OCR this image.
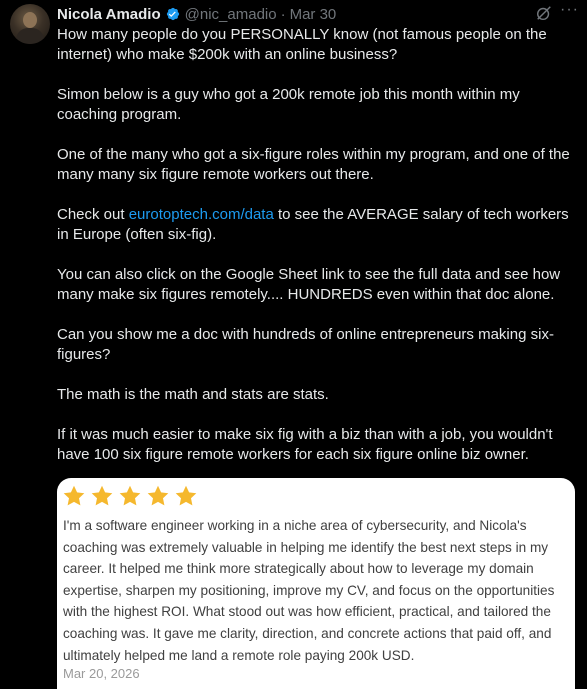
Nicola Amadio @nic_amadio · Mar 30	···

How many people do you PERSONALLY know (not famous people on the internet) who make $200k with an online business?

Simon below is a guy who got a 200k remote job this month within my coaching program.

One of the many who got a six-figure roles within my program, and one of the many many six figure remote workers out there.

Check out eurotoptech.com/data to see the AVERAGE salary of tech workers in Europe (often six-fig).

You can also click on the Google Sheet link to see the full data and see how many make six figures remotely.... HUNDREDS even within that doc alone.

Can you show me a doc with hundreds of online entrepreneurs making six-figures?

The math is the math and stats are stats.

If it was much easier to make six fig with a biz than with a job, you wouldn't have 100 six figure remote workers for each six figure online biz owner.

I'm a software engineer working in a niche area of cybersecurity, and Nicola's coaching was extremely valuable in helping me identify the best next steps in my career. It helped me think more strategically about how to leverage my domain expertise, sharpen my positioning, improve my CV, and focus on the opportunities with the highest ROI. What stood out was how efficient, practical, and tailored the coaching was. It gave me clarity, direction, and concrete actions that paid off, and ultimately helped me land a remote role paying 200k USD.
Mar 20, 2026
